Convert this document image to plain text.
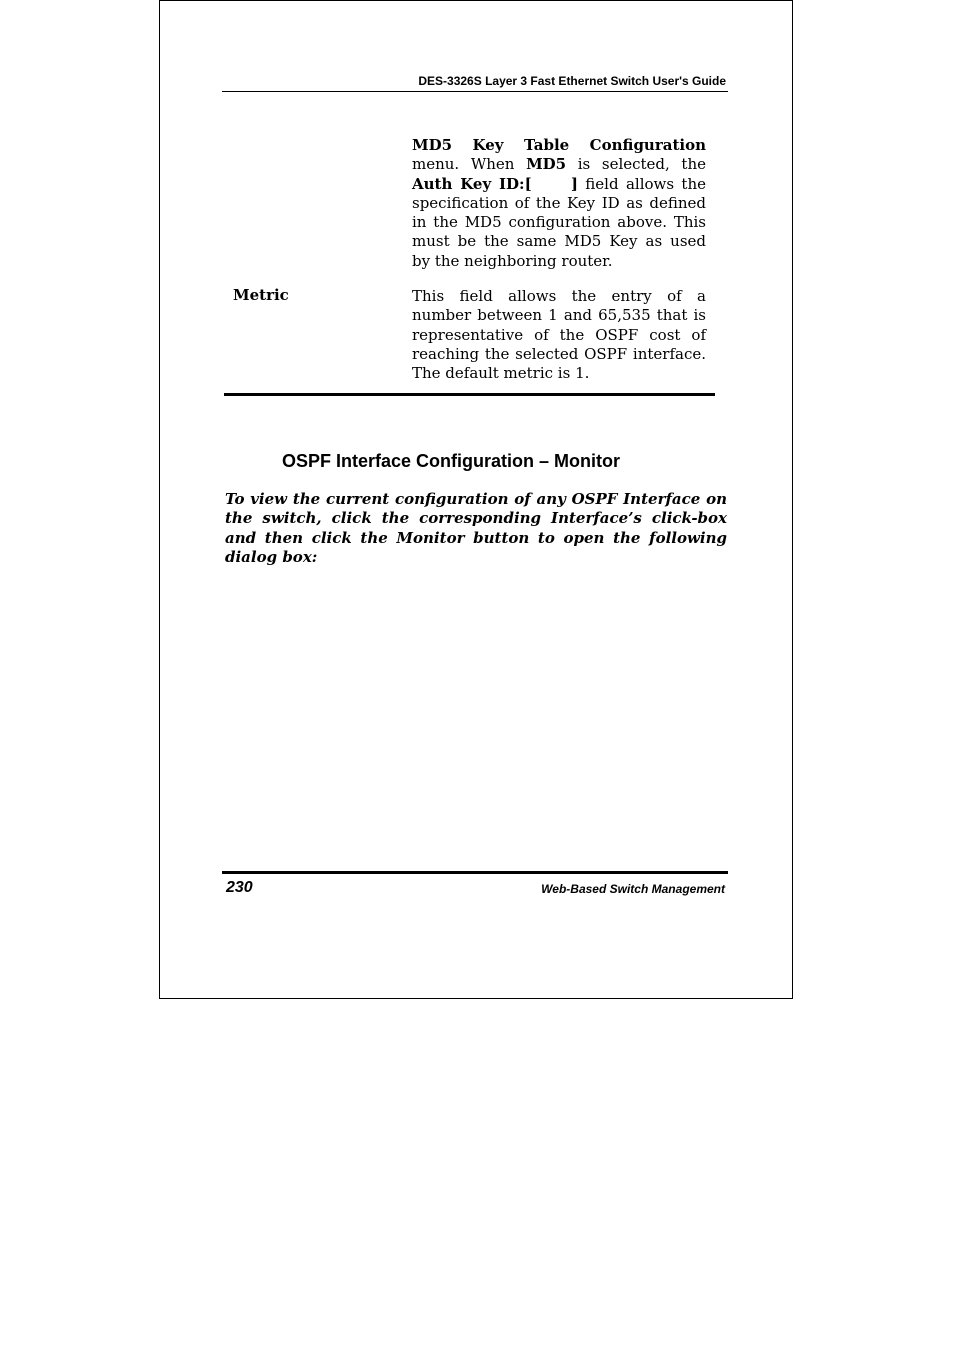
DES-3326S Layer 3 Fast Ethernet Switch User's Guide
MD5 Key Table Configuration menu. When MD5 is selected, the Auth Key ID:[     ] field allows the specification of the Key ID as defined in the MD5 configuration above. This must be the same MD5 Key as used by the neighboring router.
Metric	This field allows the entry of a number between 1 and 65,535 that is representative of the OSPF cost of reaching the selected OSPF interface. The default metric is 1.
OSPF Interface Configuration – Monitor
To view the current configuration of any OSPF Interface on the switch, click the corresponding Interface’s click-box and then click the Monitor button to open the following dialog box:
230	Web-Based Switch Management
